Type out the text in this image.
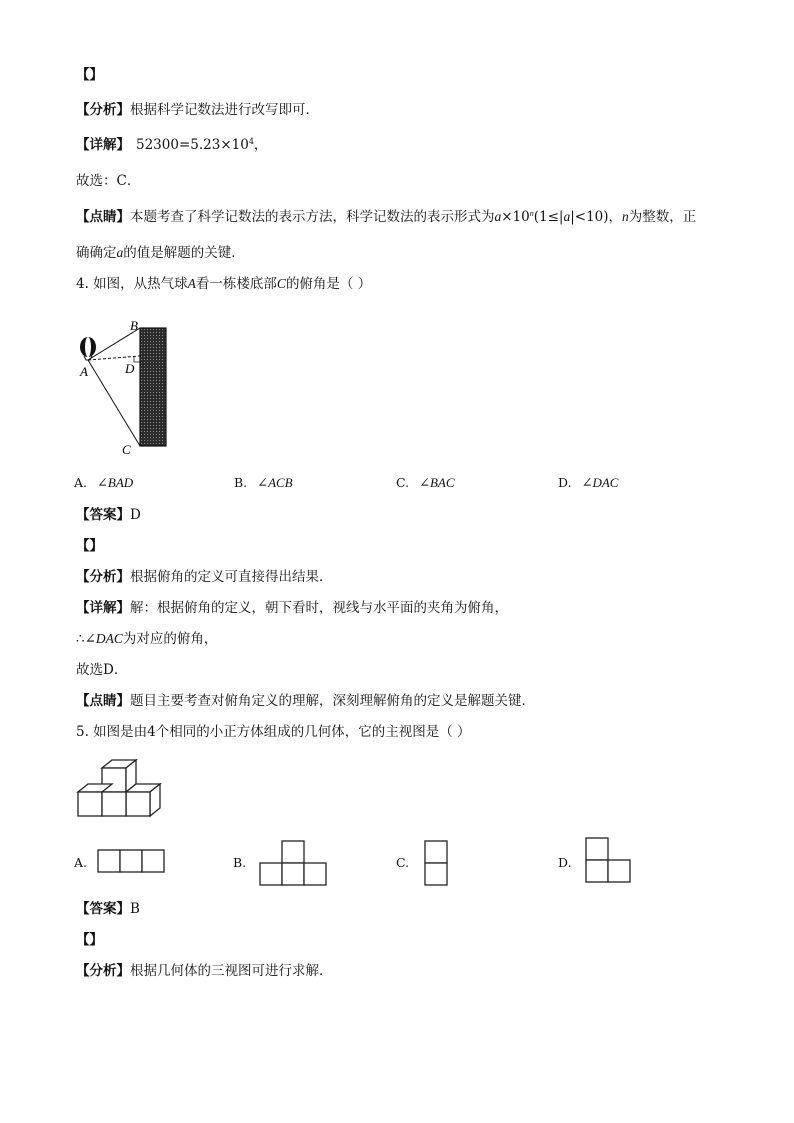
【】
【分析】根据科学记数法进行改写即可．
【详解】 $52300=5.23\times 10^4$，
故选：C．
【点睛】本题考查了科学记数法的表示方法，科学记数法的表示形式为$a\times 10^n(1\le|a|<10)$，n为整数，正
确确定a的值是解题的关键．
4. 如图，从热气球A看一栋楼底部C的俯角是（ ）
B
A	D
C
A. ∠BAD	B. ∠ACB	C. ∠BAC	D. ∠DAC
【答案】D
【】
【分析】根据俯角的定义可直接得出结果．
【详解】解：根据俯角的定义，朝下看时，视线与水平面的夹角为俯角，
∴∠DAC为对应的俯角，
故选D．
【点睛】题目主要考查对俯角定义的理解，深刻理解俯角的定义是解题关键．
5. 如图是由4个相同的小正方体组成的几何体，它的主视图是（ ）
A.	B.	C.	D.
【答案】B
【】
【分析】根据几何体的三视图可进行求解．
